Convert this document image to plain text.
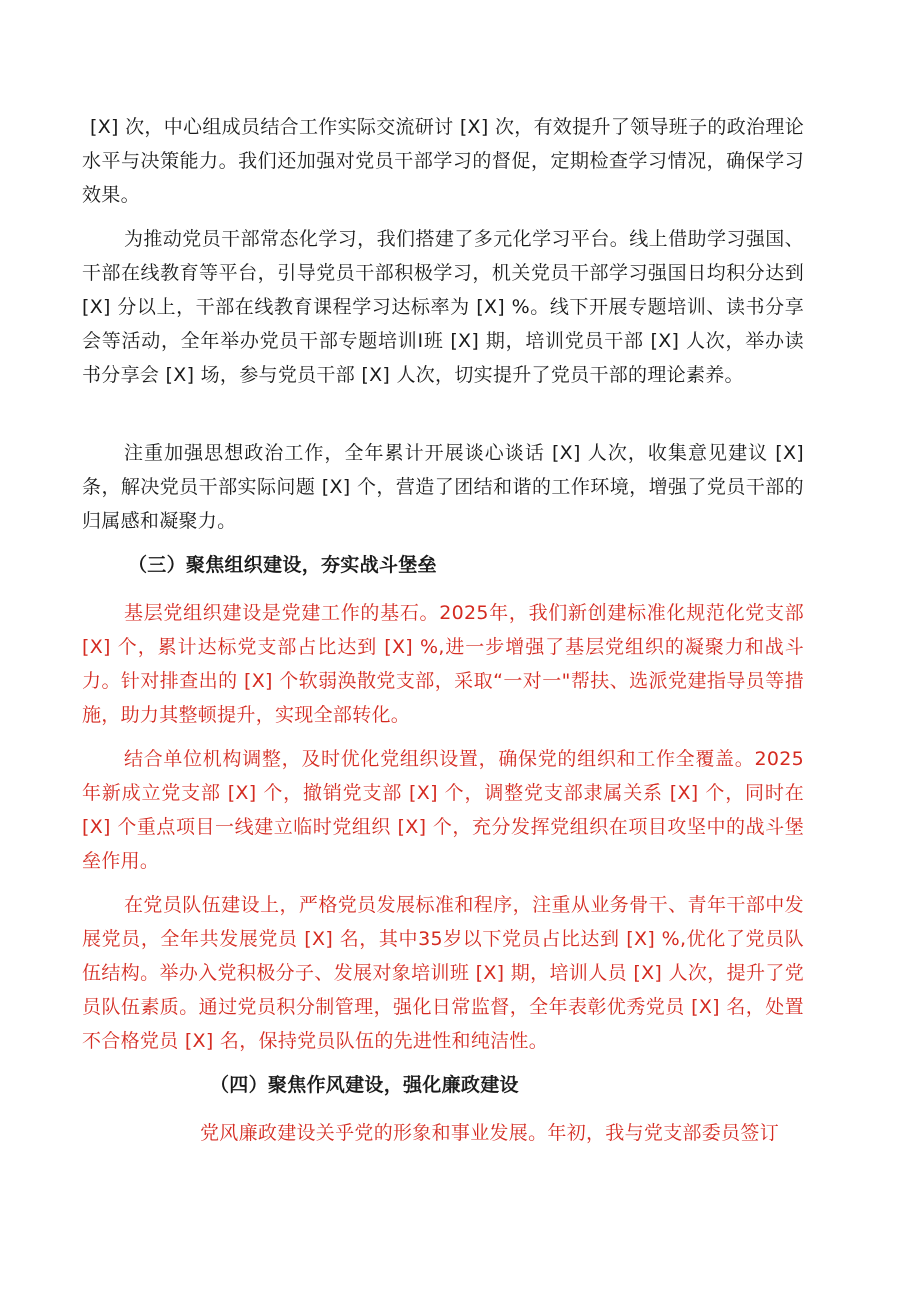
[X] 次，中心组成员结合工作实际交流研讨 [X] 次，有效提升了领导班子的政治理论水平与决策能力。我们还加强对党员干部学习的督促，定期检查学习情况，确保学习效果。

为推动党员干部常态化学习，我们搭建了多元化学习平台。线上借助学习强国、干部在线教育等平台，引导党员干部积极学习，机关党员干部学习强国日均积分达到 [X] 分以上，干部在线教育课程学习达标率为 [X] %。线下开展专题培训、读书分享会等活动，全年举办党员干部专题培训I班 [X] 期，培训党员干部 [X] 人次，举办读书分享会 [X] 场，参与党员干部 [X] 人次，切实提升了党员干部的理论素养。

注重加强思想政治工作，全年累计开展谈心谈话 [X] 人次，收集意见建议 [X] 条，解决党员干部实际问题 [X] 个，营造了团结和谐的工作环境，增强了党员干部的归属感和凝聚力。

（三）聚焦组织建设，夯实战斗堡垒

基层党组织建设是党建工作的基石。2025年，我们新创建标准化规范化党支部 [X] 个，累计达标党支部占比达到 [X] %,进一步增强了基层党组织的凝聚力和战斗力。针对排查出的 [X] 个软弱涣散党支部，采取“一对一"帮扶、选派党建指导员等措施，助力其整顿提升，实现全部转化。

结合单位机构调整，及时优化党组织设置，确保党的组织和工作全覆盖。2025年新成立党支部 [X] 个，撤销党支部 [X] 个，调整党支部隶属关系 [X] 个，同时在 [X] 个重点项目一线建立临时党组织 [X] 个，充分发挥党组织在项目攻坚中的战斗堡垒作用。

在党员队伍建设上，严格党员发展标准和程序，注重从业务骨干、青年干部中发展党员，全年共发展党员 [X] 名，其中35岁以下党员占比达到 [X] %,优化了党员队伍结构。举办入党积极分子、发展对象培训班 [X] 期，培训人员 [X] 人次，提升了党员队伍素质。通过党员积分制管理，强化日常监督，全年表彰优秀党员 [X] 名，处置不合格党员 [X] 名，保持党员队伍的先进性和纯洁性。

（四）聚焦作风建设，强化廉政建设

党风廉政建设关乎党的形象和事业发展。年初，我与党支部委员签订
